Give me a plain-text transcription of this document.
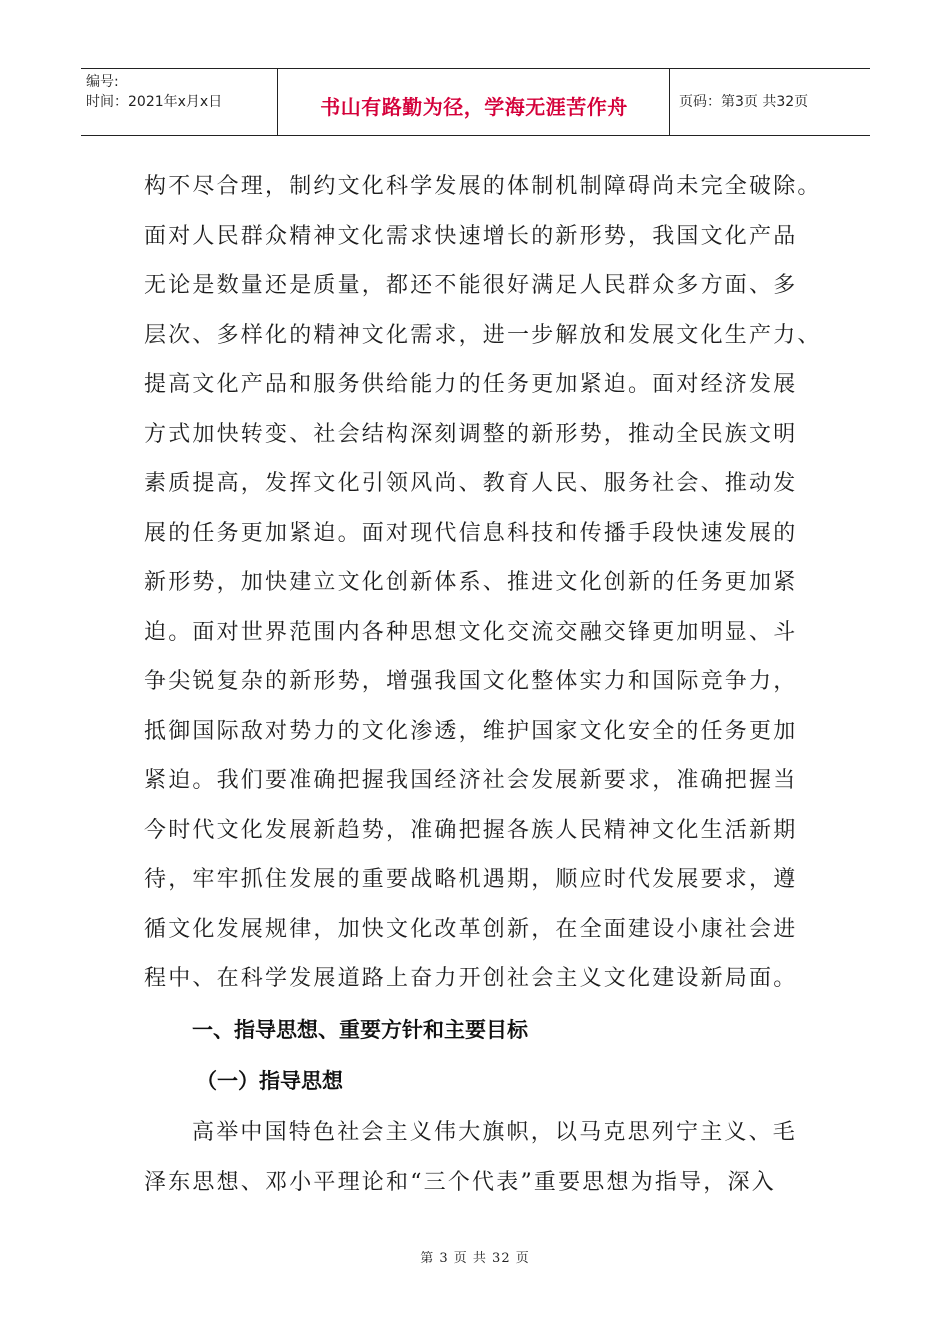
编号:
时间：2021年x月x日	书山有路勤为径，学海无涯苦作舟	页码：第3页 共32页
构不尽合理，制约文化科学发展的体制机制障碍尚未完全破除。
面对人民群众精神文化需求快速增长的新形势，我国文化产品
无论是数量还是质量，都还不能很好满足人民群众多方面、多
层次、多样化的精神文化需求，进一步解放和发展文化生产力、
提高文化产品和服务供给能力的任务更加紧迫。面对经济发展
方式加快转变、社会结构深刻调整的新形势，推动全民族文明
素质提高，发挥文化引领风尚、教育人民、服务社会、推动发
展的任务更加紧迫。面对现代信息科技和传播手段快速发展的
新形势，加快建立文化创新体系、推进文化创新的任务更加紧
迫。面对世界范围内各种思想文化交流交融交锋更加明显、斗
争尖锐复杂的新形势，增强我国文化整体实力和国际竞争力，
抵御国际敌对势力的文化渗透，维护国家文化安全的任务更加
紧迫。我们要准确把握我国经济社会发展新要求，准确把握当
今时代文化发展新趋势，准确把握各族人民精神文化生活新期
待，牢牢抓住发展的重要战略机遇期，顺应时代发展要求，遵
循文化发展规律，加快文化改革创新，在全面建设小康社会进
程中、在科学发展道路上奋力开创社会主义文化建设新局面。
一、指导思想、重要方针和主要目标
（一）指导思想
高举中国特色社会主义伟大旗帜，以马克思列宁主义、毛
泽东思想、邓小平理论和“三个代表”重要思想为指导，深入
第 3 页 共 32 页
